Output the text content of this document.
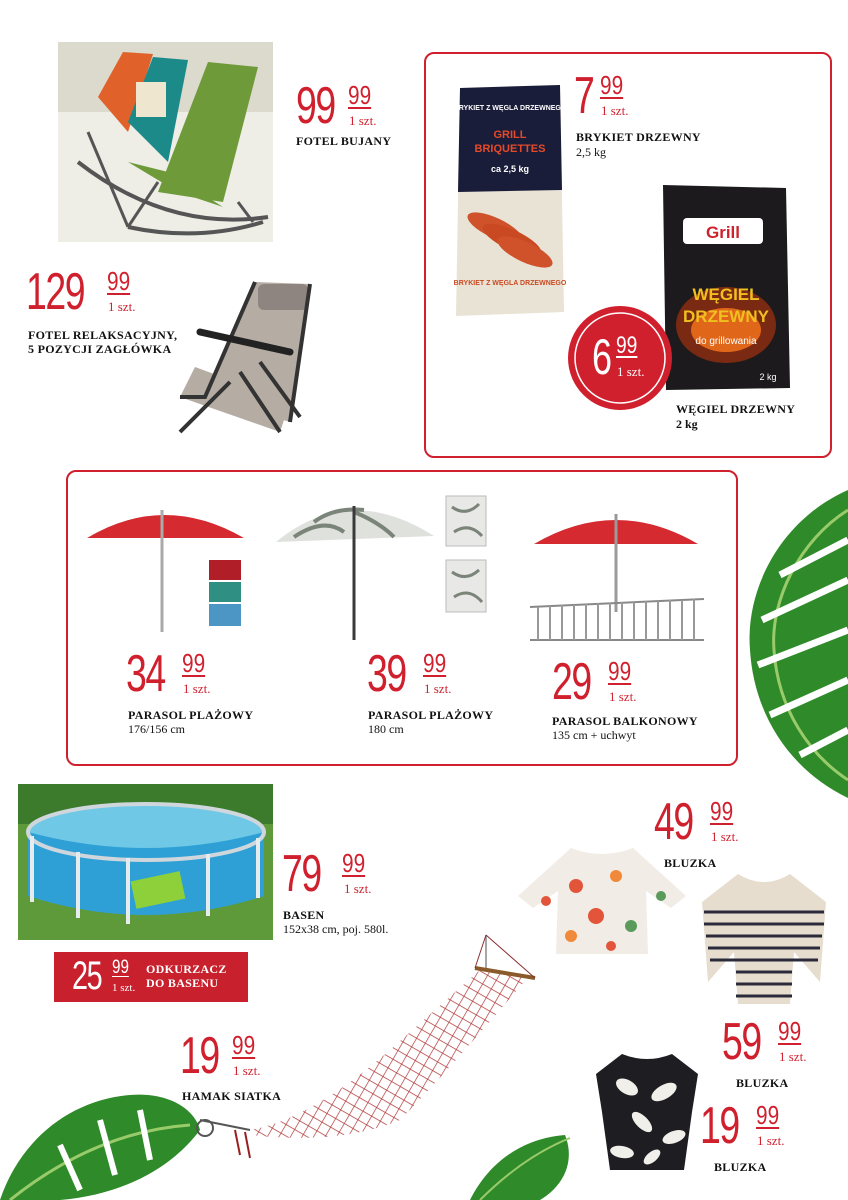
99 99
1 szt.
FOTEL BUJANY
129 99
1 szt.
FOTEL RELAKSACYJNY,
5 POZYCJI ZAGŁÓWKA
BRYKIET Z WĘGLA DRZEWNEGO
GRILL
BRIQUETTES
ca 2,5 kg
BRYKIET Z WĘGLA DRZEWNEGO
7 99
1 szt.
BRYKIET DRZEWNY
2,5 kg
Grill
WĘGIEL
DRZEWNY
do grillowania
2 kg
6 99
1 szt.
WĘGIEL DRZEWNY
2 kg
34 99
1 szt.
PARASOL PLAŻOWY
176/156 cm
39 99
1 szt.
PARASOL PLAŻOWY
180 cm
29 99
1 szt.
PARASOL BALKONOWY
135 cm + uchwyt
79 99
1 szt.
BASEN
152x38 cm, poj. 580l.
25 99
1 szt.
ODKURZACZ
DO BASENU
19 99
1 szt.
HAMAK SIATKA
49 99
1 szt.
BLUZKA
59 99
1 szt.
BLUZKA
19 99
1 szt.
BLUZKA
